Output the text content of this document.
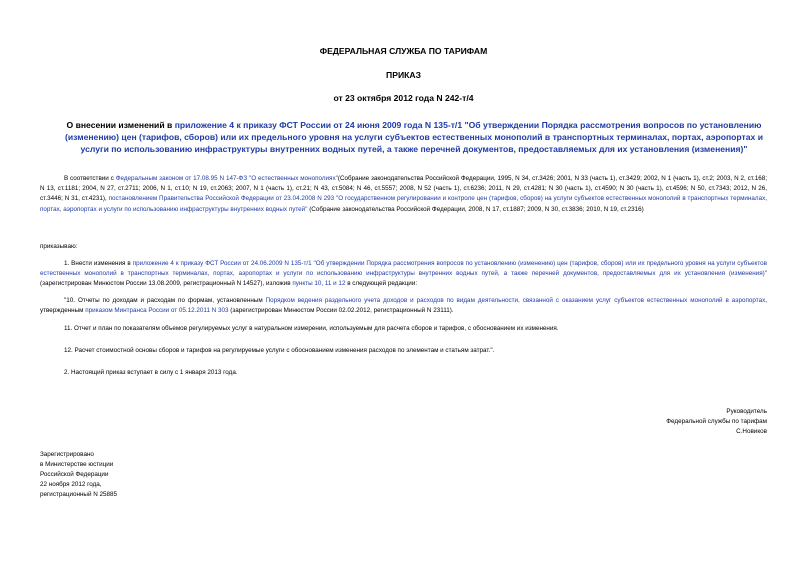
ФЕДЕРАЛЬНАЯ СЛУЖБА ПО ТАРИФАМ
ПРИКАЗ
от 23 октября 2012 года N 242-т/4
О внесении изменений в приложение 4 к приказу ФСТ России от 24 июня 2009 года N 135-т/1 "Об утверждении Порядка рассмотрения вопросов по установлению (изменению) цен (тарифов, сборов) или их предельного уровня на услуги субъектов естественных монополий в транспортных терминалах, портах, аэропортах и услуги по использованию инфраструктуры внутренних водных путей, а также перечней документов, предоставляемых для их установления (изменения)"
В соответствии с Федеральным законом от 17.08.95 N 147-ФЗ "О естественных монополиях"(Собрание законодательства Российской Федерации, 1995, N 34, ст.3426; 2001, N 33 (часть 1), ст.3429; 2002, N 1 (часть 1), ст.2; 2003, N 2, ст.168; N 13, ст.1181; 2004, N 27, ст.2711; 2006, N 1, ст.10; N 19, ст.2063; 2007, N 1 (часть 1), ст.21; N 43, ст.5084; N 46, ст.5557; 2008, N 52 (часть 1), ст.6236; 2011, N 29, ст.4281; N 30 (часть 1), ст.4590; N 30 (часть 1), ст.4596; N 50, ст.7343; 2012, N 26, ст.3446; N 31, ст.4231), постановлением Правительства Российской Федерации от 23.04.2008 N 293 "О государственном регулировании и контроле цен (тарифов, сборов) на услуги субъектов естественных монополий в транспортных терминалах, портах, аэропортах и услуги по использованию инфраструктуры внутренних водных путей" (Собрание законодательства Российской Федерации, 2008, N 17, ст.1887; 2009, N 30, ст.3836; 2010, N 19, ст.2316)
приказываю:
1. Внести изменения в приложение 4 к приказу ФСТ России от 24.06.2009 N 135-т/1 "Об утверждении Порядка рассмотрения вопросов по установлению (изменению) цен (тарифов, сборов) или их предельного уровня на услуги субъектов естественных монополий в транспортных терминалах, портах, аэропортах и услуги по использованию инфраструктуры внутренних водных путей, а также перечней документов, предоставляемых для их установления (изменения)" (зарегистрирован Минюстом России 13.08.2009, регистрационный N 14527), изложив пункты 10, 11 и 12 в следующей редакции:
"10. Отчеты по доходам и расходам по формам, установленным Порядком ведения раздельного учета доходов и расходов по видам деятельности, связанной с оказанием услуг субъектов естественных монополий в аэропортах, утвержденным приказом Минтранса России от 05.12.2011 N 303 (зарегистрирован Минюстом России 02.02.2012, регистрационный N 23111).
11. Отчет и план по показателям объемов регулируемых услуг в натуральном измерении, используемым для расчета сборов и тарифов, с обоснованием их изменения.
12. Расчет стоимостной основы сборов и тарифов на регулируемые услуги с обоснованием изменения расходов по элементам и статьям затрат.".
2. Настоящий приказ вступает в силу с 1 января 2013 года.
Руководитель
Федеральной службы по тарифам
С.Новиков
Зарегистрировано
в Министерстве юстиции
Российской Федерации
22 ноября 2012 года,
регистрационный N 25885
